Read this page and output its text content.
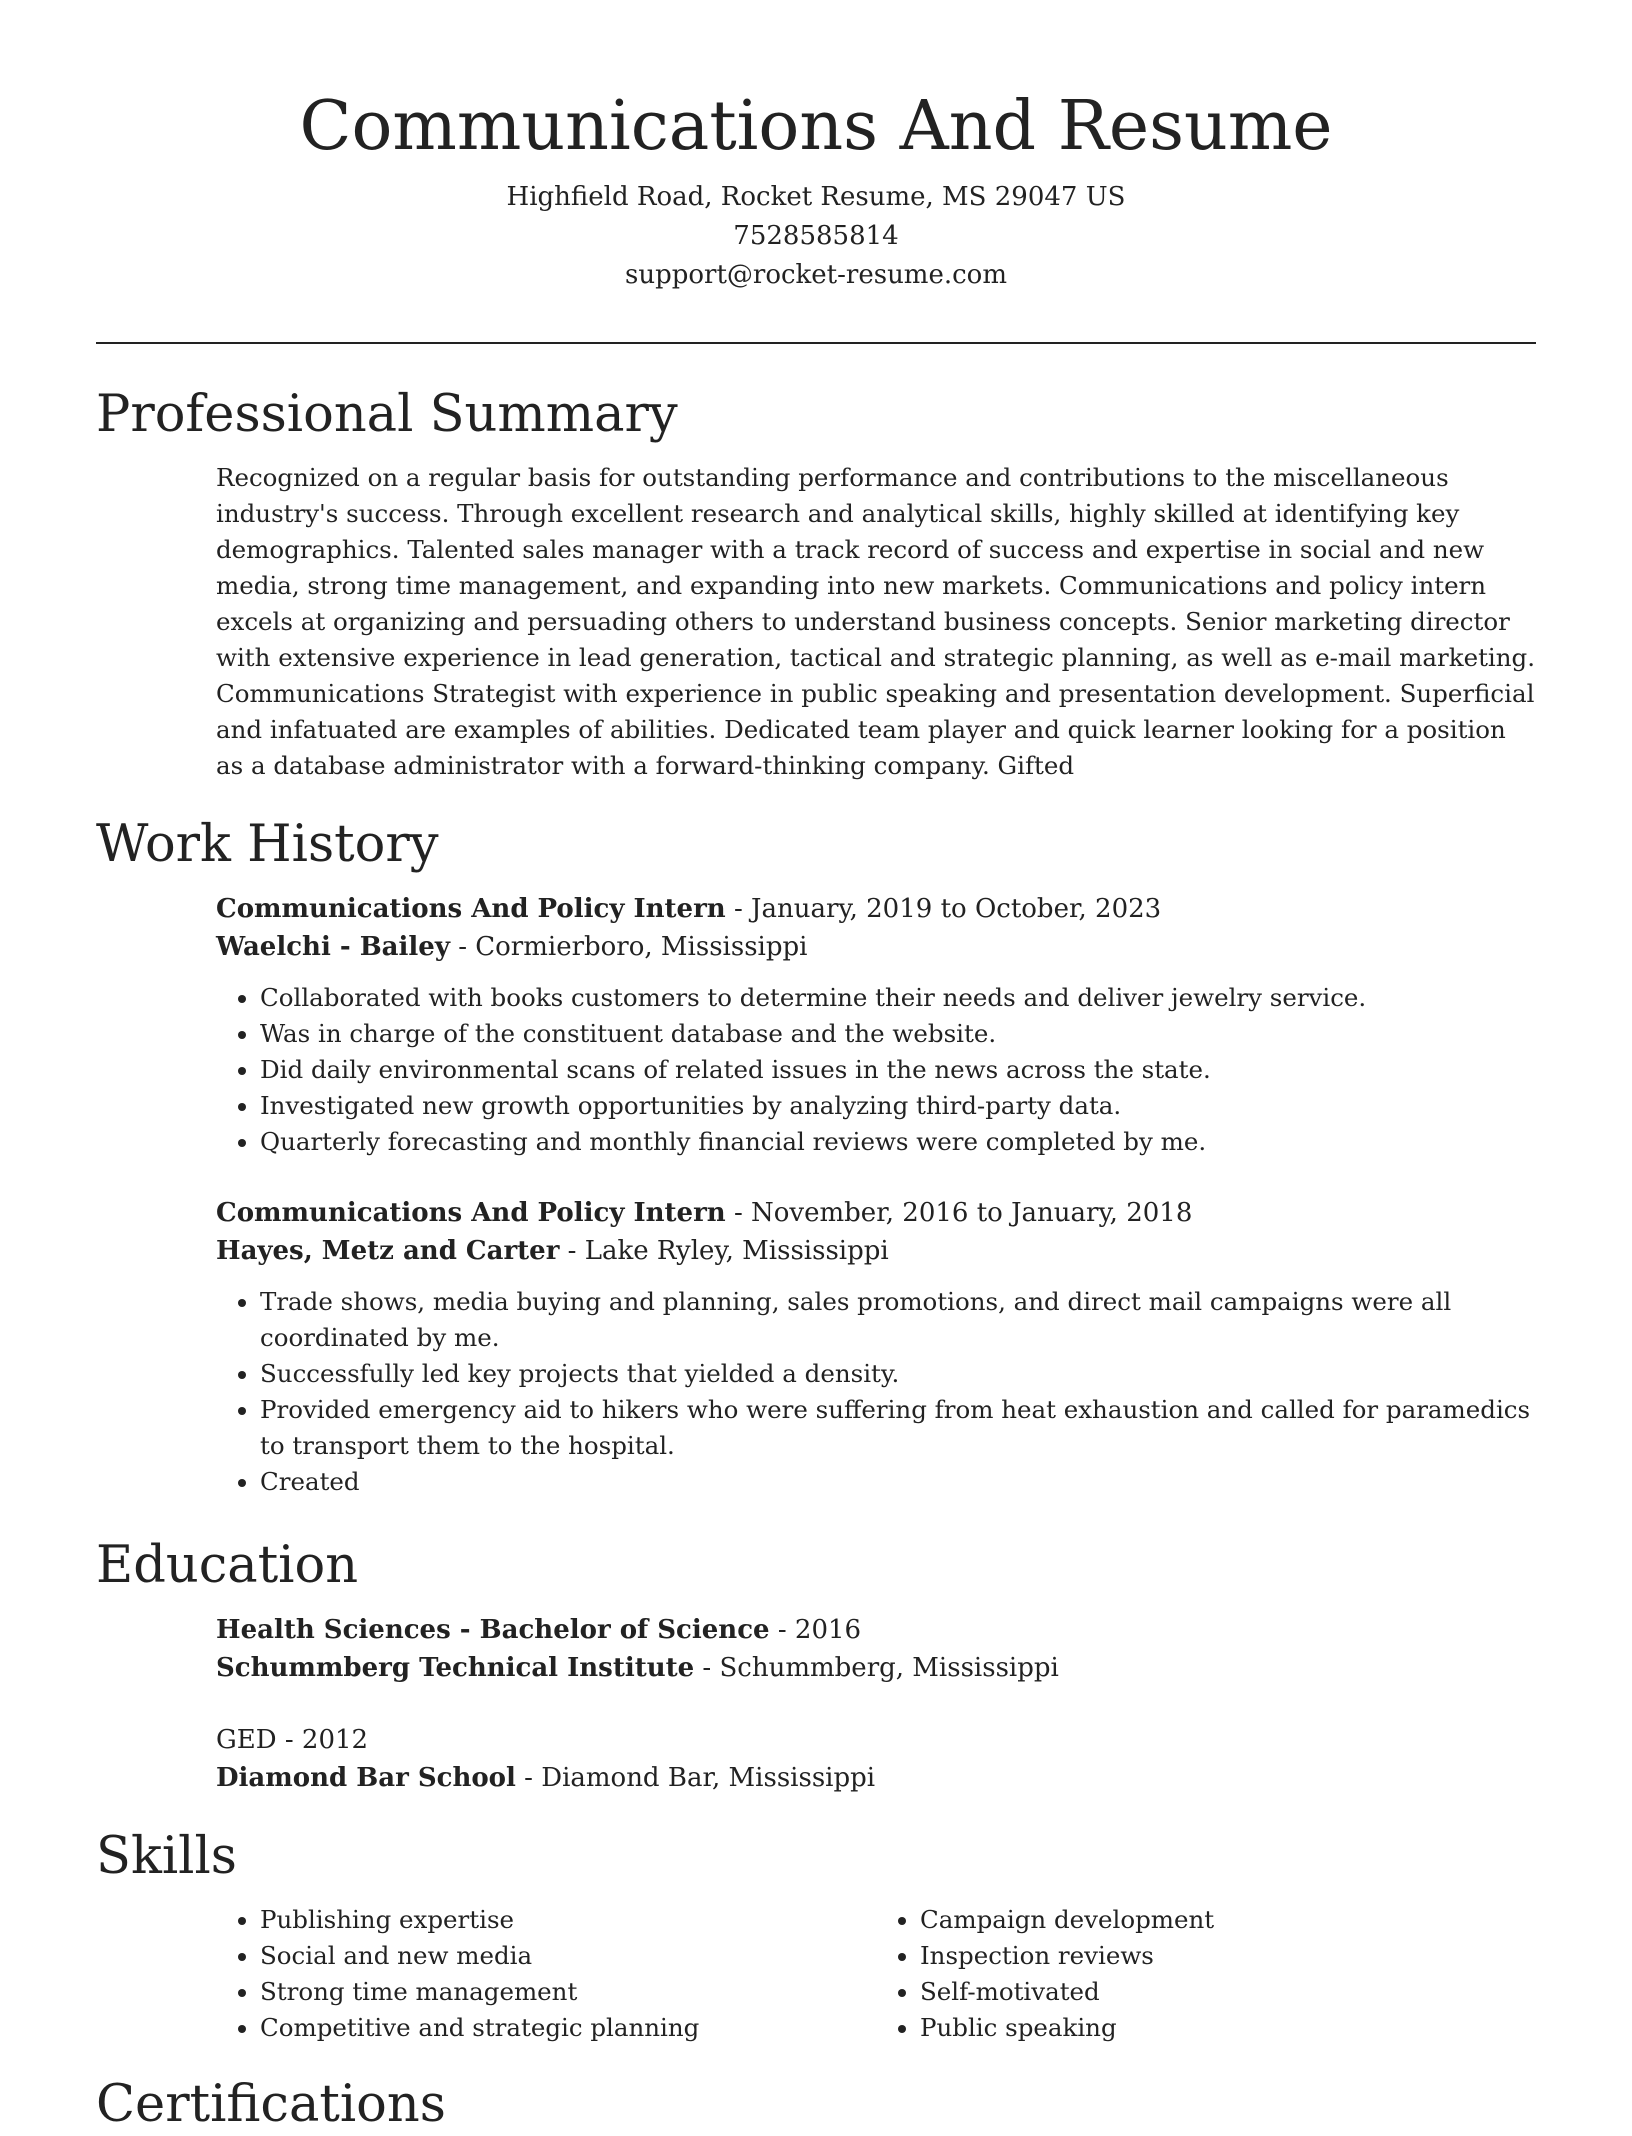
Communications And Resume
Highfield Road, Rocket Resume, MS 29047 US
7528585814
support@rocket-resume.com
Professional Summary
Recognized on a regular basis for outstanding performance and contributions to the miscellaneous industry's success. Through excellent research and analytical skills, highly skilled at identifying key demographics. Talented sales manager with a track record of success and expertise in social and new media, strong time management, and expanding into new markets. Communications and policy intern excels at organizing and persuading others to understand business concepts. Senior marketing director with extensive experience in lead generation, tactical and strategic planning, as well as e-mail marketing. Communications Strategist with experience in public speaking and presentation development. Superficial and infatuated are examples of abilities. Dedicated team player and quick learner looking for a position as a database administrator with a forward-thinking company. Gifted
Work History
Communications And Policy Intern - January, 2019 to October, 2023
Waelchi - Bailey - Cormierboro, Mississippi
• Collaborated with books customers to determine their needs and deliver jewelry service.
• Was in charge of the constituent database and the website.
• Did daily environmental scans of related issues in the news across the state.
• Investigated new growth opportunities by analyzing third-party data.
• Quarterly forecasting and monthly financial reviews were completed by me.
Communications And Policy Intern - November, 2016 to January, 2018
Hayes, Metz and Carter - Lake Ryley, Mississippi
• Trade shows, media buying and planning, sales promotions, and direct mail campaigns were all coordinated by me.
• Successfully led key projects that yielded a density.
• Provided emergency aid to hikers who were suffering from heat exhaustion and called for paramedics to transport them to the hospital.
• Created
Education
Health Sciences - Bachelor of Science - 2016
Schummberg Technical Institute - Schummberg, Mississippi
GED - 2012
Diamond Bar School - Diamond Bar, Mississippi
Skills
• Publishing expertise
• Social and new media
• Strong time management
• Competitive and strategic planning
• Campaign development
• Inspection reviews
• Self-motivated
• Public speaking
Certifications
